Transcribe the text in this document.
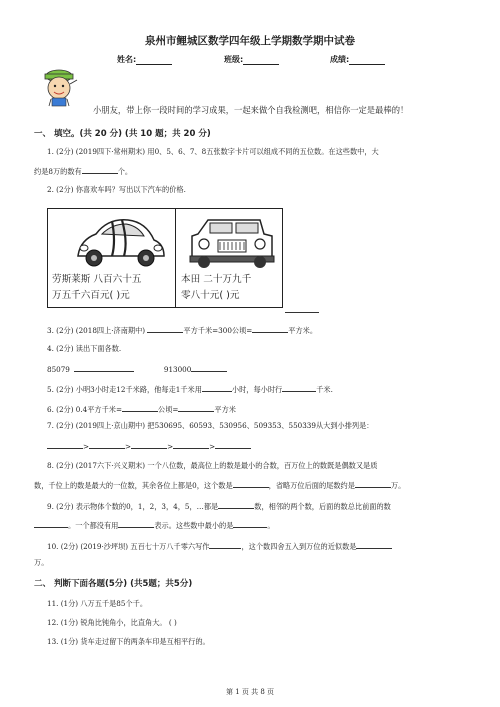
泉州市鲤城区数学四年级上学期数学期中试卷
姓名:	班级:	成绩:
小朋友，带上你一段时间的学习成果，一起来做个自我检测吧，相信你一定是最棒的！
一、 填空。(共 20 分) (共 10 题；共 20 分)
1. (2分) (2019四下·常州期末) 用0、5、6、7、8五张数字卡片可以组成不同的五位数。在这些数中，大
约是8万的数有	个。
2. (2分) 你喜欢车吗？写出以下汽车的价格.
劳斯莱斯 八百六十五
万五千六百元( )元
本田 二十万九千
零八十元( )元
3. (2分) (2018四上·济南期中)	平方千米=300公顷=	平方米。
4. (2分) 读出下面各数.
85079	913000
5. (2分) 小明3小时走12千米路，他每走1千米用	小时，每小时行	千米.
6. (2分) 0.4平方千米=	公顷=	平方米
7. (2分) (2019四上·京山期中) 把530695、60593、530956、509353、550339从大到小排列是：
>	>	>	>
8. (2分) (2017六下·兴义期末) 一个八位数，最高位上的数是最小的合数，百万位上的数既是偶数又是质
数，千位上的数是最大的一位数，其余各位上都是0，这个数是	，省略万位后面的尾数约是	万。
9. (2分) 表示物体个数的0，1，2，3，4，5，…都是	数，相邻的两个数，后面的数总比前面的数
。一个都没有用	表示。这些数中最小的是	。
10. (2分) (2019·沙坪坝) 五百七十万八千零六写作	，这个数四舍五入到万位的近似数是
万。
二、 判断下面各题(5分) (共5题；共5分)
11. (1分) 八万五千是85个千。
12. (1分) 锐角比钝角小，比直角大。 ( )
13. (1分) 货车走过留下的两条车印是互相平行的。
第 1 页 共 8 页
